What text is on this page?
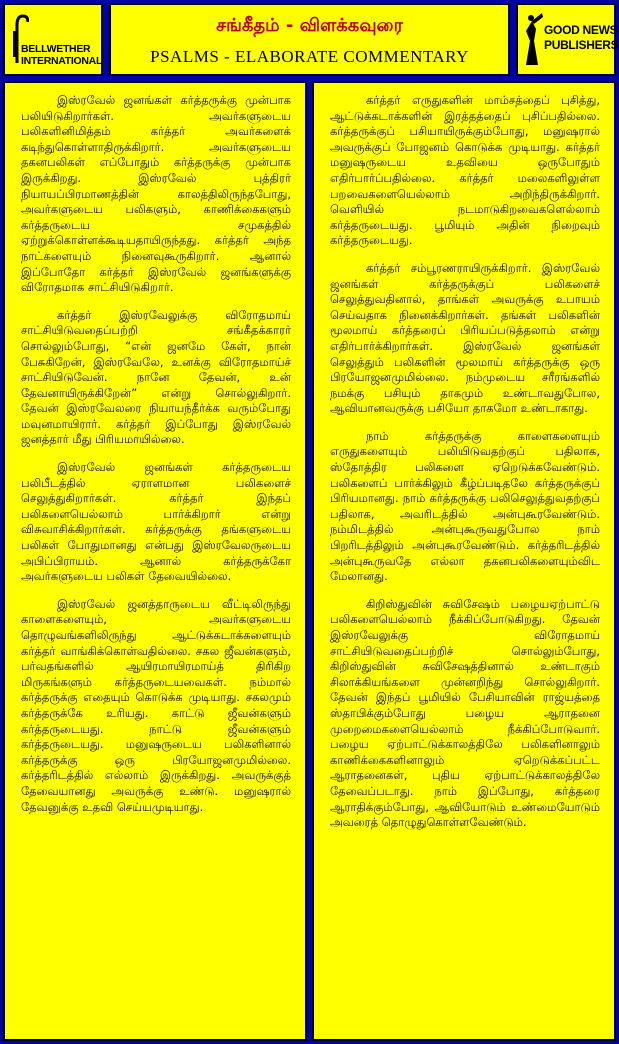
BELLWETHER
INTERNATIONAL
சங்கீதம் - விளக்கவுரை
PSALMS - ELABORATE COMMENTARY
GOOD NEWS
PUBLISHERS

இஸ்ரவேல் ஜனங்கள் கர்த்தருக்கு முன்பாக பலியிடுகிறார்கள். அவர்களுடைய பலிகளினிமித்தம் கர்த்தர் அவர்களைக் கடிந்துகொள்ளாதிருக்கிறார். அவர்களுடைய தகனபலிகள் எப்போதும் கர்த்தருக்கு முன்பாக இருக்கிறது. இஸ்ரவேல் புத்திரர் நியாயப்பிரமாணத்தின் காலத்திலிருந்தபோது, அவர்களுடைய பலிகளும், காணிக்கைகளும் கர்த்தருடைய சமுகத்தில் ஏற்றுக்கொள்ளக்கூடியதாயிருந்தது. கர்த்தர் அந்த நாட்களையும் நினைவுகூருகிறார். ஆனால் இப்போதோ கர்த்தர் இஸ்ரவேல் ஜனங்களுக்கு விரோதமாக சாட்சியிடுகிறார்.

கர்த்தர் இஸ்ரவேலுக்கு விரோதமாய் சாட்சியிடுவதைப்பற்றி சங்கீதக்காரர் சொல்லும்போது, “என் ஜனமே கேள், நான் பேசுகிறேன், இஸ்ரவேலே, உனக்கு விரோதமாய்ச் சாட்சியிடுவேன். நானே தேவன், உன் தேவனாயிருக்கிறேன்” என்று சொல்லுகிறார். தேவன் இஸ்ரவேலரை நியாயந்தீர்க்க வரும்போது மவுனமாயிரார். கர்த்தர் இப்போது இஸ்ரவேல் ஜனத்தார் மீது பிரியமாயில்லை.

இஸ்ரவேல் ஜனங்கள் கர்த்தருடைய பலிபீடத்தில் ஏராளமான பலிகளைச் செலுத்துகிறார்கள். கர்த்தர் இந்தப் பலிகளையெல்லாம் பார்க்கிறார் என்று விசுவாசிக்கிறார்கள். கர்த்தருக்கு தங்களுடைய பலிகள் போதுமானது என்பது இஸ்ரவேலருடைய அபிப்பிராயம். ஆனால் கர்த்தருக்கோ அவர்களுடைய பலிகள் தேவையில்லை.

இஸ்ரவேல் ஜனத்தாருடைய வீட்டிலிருந்து காளைகளையும், அவர்களுடைய தொழுவங்களிலிருந்து ஆட்டுக்கடாக்களையும் கர்த்தர் வாங்கிக்கொள்வதில்லை. சகல ஜீவன்களும், பர்வதங்களில் ஆயிரமாயிரமாய்த் திரிகிற மிருகங்களும் கர்த்தருடையவைகள். நம்மால் கர்த்தருக்கு எதையும் கொடுக்க முடியாது. சகலமும் கர்த்தருக்கே உரியது. காட்டு ஜீவன்களும் கர்த்தருடையது. நாட்டு ஜீவன்களும் கர்த்தருடையது. மனுஷருடைய பலிகளினால் கர்த்தருக்கு ஒரு பிரயோஜனமுமில்லை. கர்த்தரிடத்தில் எல்லாம் இருக்கிறது. அவருக்குத் தேவையானது அவருக்கு உண்டு. மனுஷரால் தேவனுக்கு உதவி செய்யமுடியாது.

கர்த்தர் எருதுகளின் மாம்சத்தைப் புசித்து, ஆட்டுக்கடாக்களின் இரத்தத்தைப் புசிப்பதில்லை. கர்த்தருக்குப் பசியாயிருக்கும்போது, மனுஷரால் அவருக்குப் போஜனம் கொடுக்க முடியாது. கர்த்தர் மனுஷருடைய உதவியை ஒருபோதும் எதிர்பார்ப்பதில்லை. கர்த்தர் மலைகளிலுள்ள பறவைகளையெல்லாம் அறிந்திருக்கிறார். வெளியில் நடமாடுகிறவைகளெல்லாம் கர்த்தருடையது. பூமியும் அதின் நிறைவும் கர்த்தருடையது.

கர்த்தர் சம்பூரணராயிருக்கிறார். இஸ்ரவேல் ஜனங்கள் கர்த்தருக்குப் பலிகளைச் செலுத்துவதினால், தாங்கள் அவருக்கு உபாயம் செய்வதாக நினைக்கிறார்கள். தங்கள் பலிகளின் மூலமாய் கர்த்தரைப் பிரியப்படுத்தலாம் என்று எதிர்பார்க்கிறார்கள். இஸ்ரவேல் ஜனங்கள் செலுத்தும் பலிகளின் மூலமாய் கர்த்தருக்கு ஒரு பிரயோஜனமுமில்லை. நம்முடைய சரீரங்களில் நமக்கு பசியும் தாகமும் உண்டாவதுபோல, ஆவியானவருக்கு பசியோ தாகமோ உண்டாகாது.

நாம் கர்த்தருக்கு காளைகளையும் எருதுகளையும் பலியிடுவதற்குப் பதிலாக, ஸ்தோத்திர பலிகளை ஏறெடுக்கவேண்டும். பலிகளைப் பார்க்கிலும் கீழ்ப்படிதலே கர்த்தருக்குப் பிரியமானது. நாம் கர்த்தருக்கு பலிசெலுத்துவதற்குப் பதிலாக, அவரிடத்தில் அன்புகூரவேண்டும். நம்மிடத்தில் அன்புகூருவதுபோல நாம் பிறரிடத்திலும் அன்புகூரவேண்டும். கர்த்தரிடத்தில் அன்புகூருவதே எல்லா தகனபலிகளையும்விட மேலானது.

கிறிஸ்துவின் சுவிசேஷம் பழையஏற்பாட்டு பலிகளையெல்லாம் நீக்கிப்போடுகிறது. தேவன் இஸ்ரவேலுக்கு விரோதமாய் சாட்சியிடுவதைப்பற்றிச் சொல்லும்போது, கிறிஸ்துவின் சுவிசேஷத்தினால் உண்டாகும் சிலாக்கியங்களை முன்னறிந்து சொல்லுகிறார். தேவன் இந்தப் பூமியில் பேசியாவின் ராஜ்யத்தை ஸ்தாபிக்கும்போது பழைய ஆராதனை முறைமைகளையெல்லாம் நீக்கிப்போடுவார். பழைய ஏற்பாட்டுக்காலத்திலே பலிகளினாலும் காணிக்கைகளினாலும் ஏறெடுக்கப்பட்ட ஆராதனைகள், புதிய ஏற்பாட்டுக்காலத்திலே தேவைப்படாது. நாம் இப்போது, கர்த்தரை ஆராதிக்கும்போது, ஆவியோடும் உண்மையோடும் அவரைத் தொழுதுகொள்ளவேண்டும்.
